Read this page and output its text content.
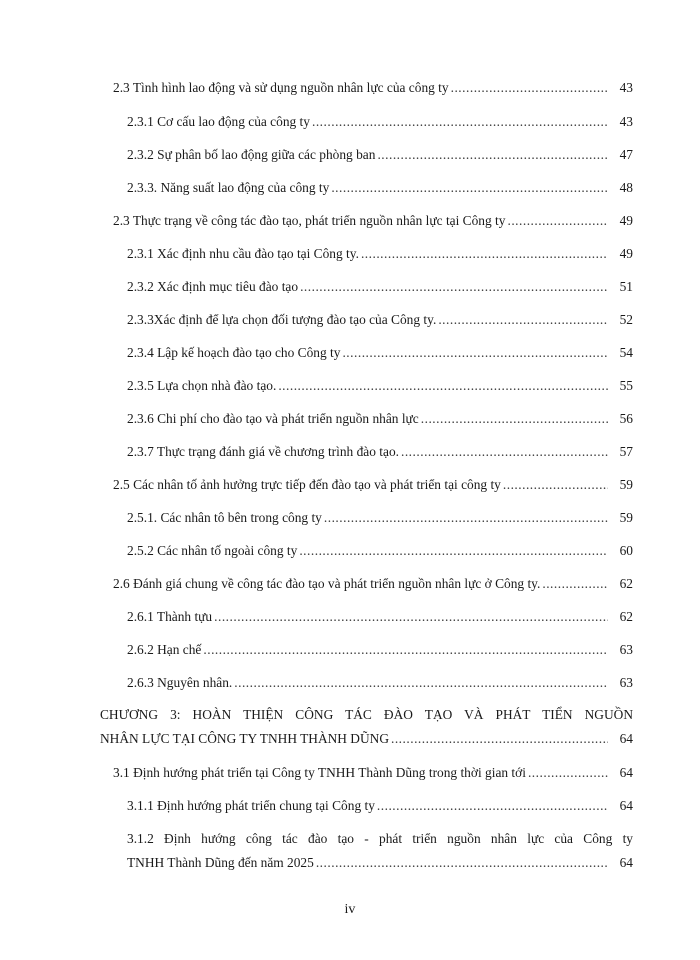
2.3 Tình hình lao động và sử dụng nguồn nhân lực của công ty .....	43
2.3.1 Cơ cấu lao động của công ty .....	43
2.3.2 Sự phân bố lao động giữa các phòng ban .....	47
2.3.3. Năng suất lao động của công ty .....	48
2.3 Thực trạng về công tác đào tạo, phát triển nguồn nhân lực tại Công ty .....	49
2.3.1 Xác định nhu cầu đào tạo tại Công ty. .....	49
2.3.2 Xác định mục tiêu đào tạo .....	51
2.3.3Xác định để lựa chọn đối tượng đào tạo của Công ty. .....	52
2.3.4 Lập kế hoạch đào tạo cho Công ty .....	54
2.3.5 Lựa chọn nhà đào tạo. .....	55
2.3.6 Chi phí cho đào tạo và phát triển nguồn nhân lực .....	56
2.3.7 Thực trạng đánh giá về chương trình đào tạo. .....	57
2.5 Các nhân tố ảnh hưởng trực tiếp đến đào tạo và phát triển tại công ty .....	59
2.5.1. Các nhân tô bên trong công ty .....	59
2.5.2 Các nhân tố ngoài công ty .....	60
2.6 Đánh giá chung về công tác đào tạo và phát triển nguồn nhân lực ở Công ty. .....	62
2.6.1 Thành tựu .....	62
2.6.2 Hạn chế .....	63
2.6.3 Nguyên nhân. .....	63
CHƯƠNG 3: HOÀN THIỆN CÔNG TÁC ĐÀO TẠO VÀ PHÁT TIỂN NGUỒN
NHÂN LỰC TẠI CÔNG TY TNHH THÀNH DŨNG .....	64
3.1 Định hướng phát triển tại Công ty TNHH Thành Dũng trong thời gian tới .....	64
3.1.1 Định hướng phát triển chung tại Công ty .....	64
3.1.2 Định hướng công tác đào tạo - phát triển nguồn nhân lực của Công ty
TNHH Thành Dũng đến năm 2025 .....	64
iv
